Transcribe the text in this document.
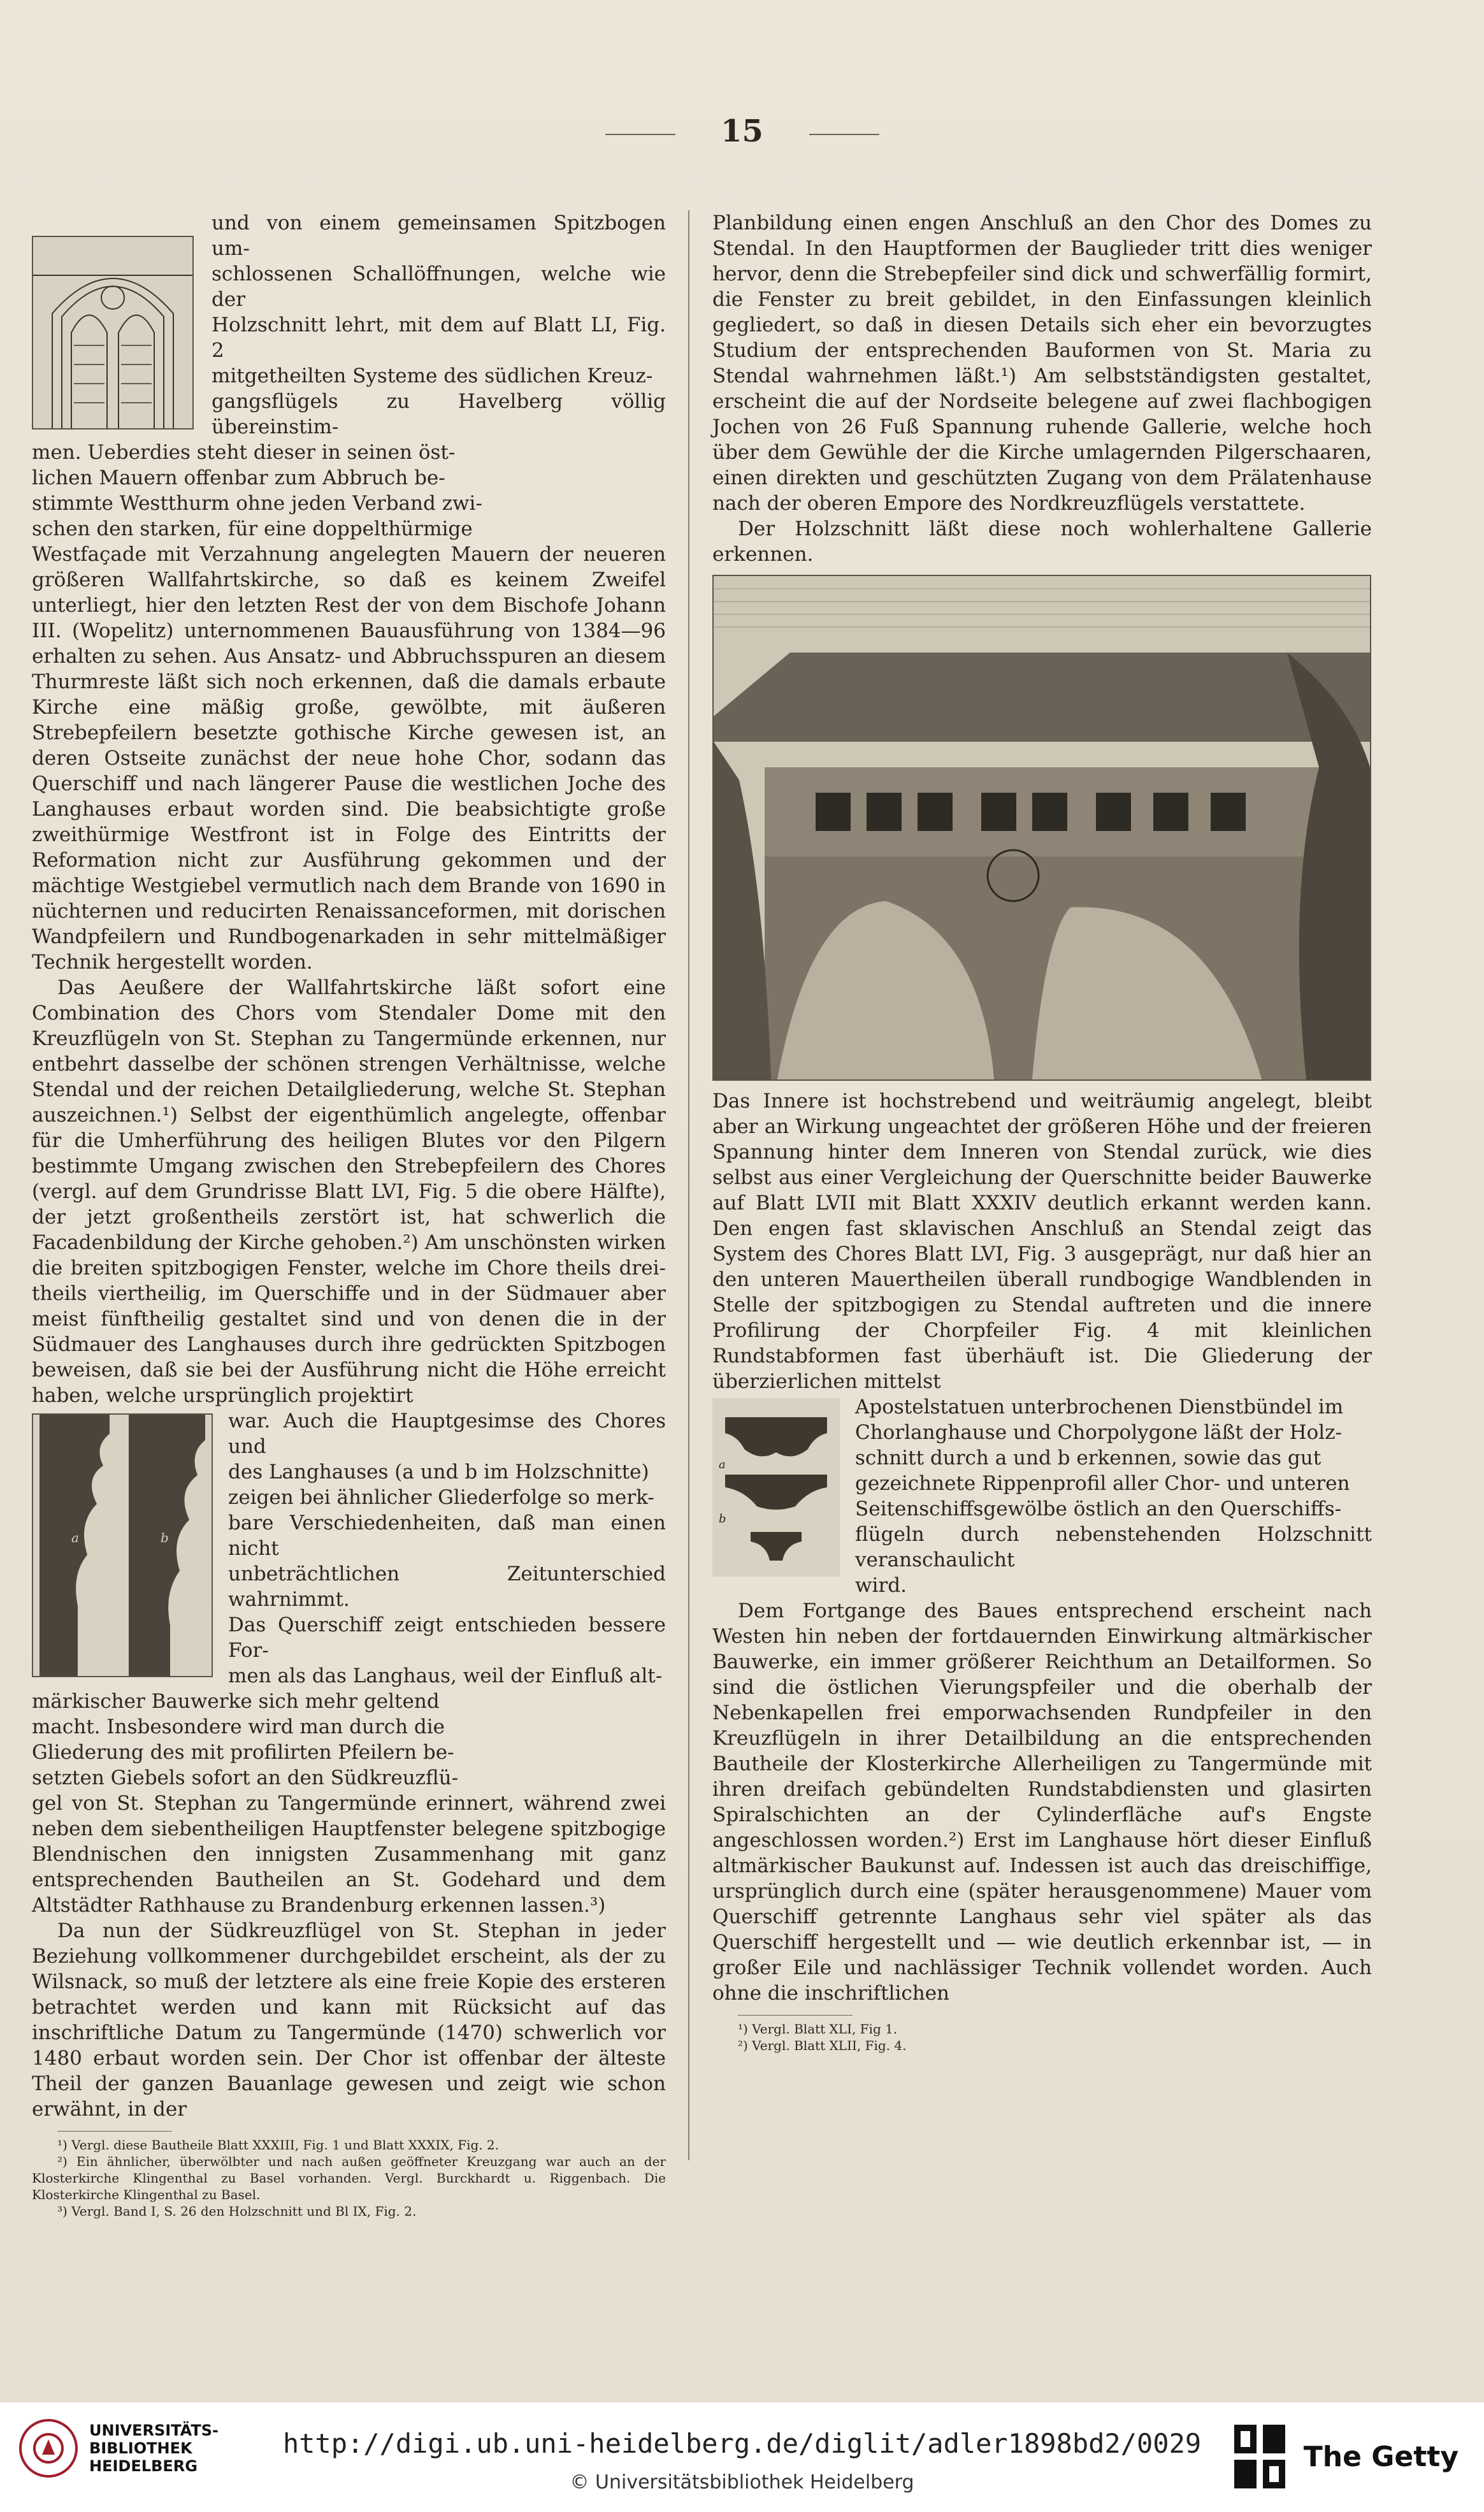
15
und von einem gemeinsamen Spitzbogen um-
schlossenen Schallöffnungen, welche wie der
Holzschnitt lehrt, mit dem auf Blatt LI, Fig. 2
mitgetheilten Systeme des südlichen Kreuz-
gangsflügels zu Havelberg völlig übereinstim-
men. Ueberdies steht dieser in seinen öst-
lichen Mauern offenbar zum Abbruch be-
stimmte Westthurm ohne jeden Verband zwi-
schen den starken, für eine doppelthürmige

Westfaçade mit Verzahnung angelegten Mauern der neueren größeren Wallfahrtskirche, so daß es keinem Zweifel unterliegt, hier den letzten Rest der von dem Bischofe Johann III. (Wopelitz) unternommenen Bauausführung von 1384—96 erhalten zu sehen. Aus Ansatz- und Abbruchsspuren an diesem Thurmreste läßt sich noch erkennen, daß die damals erbaute Kirche eine mäßig große, gewölbte, mit äußeren Strebepfeilern besetzte gothische Kirche gewesen ist, an deren Ostseite zunächst der neue hohe Chor, sodann das Querschiff und nach längerer Pause die westlichen Joche des Langhauses erbaut worden sind. Die beabsichtigte große zweithürmige Westfront ist in Folge des Eintritts der Reformation nicht zur Ausführung gekommen und der mächtige Westgiebel vermutlich nach dem Brande von 1690 in nüchternen und reducirten Renaissanceformen, mit dorischen Wandpfeilern und Rundbogenarkaden in sehr mittelmäßiger Technik hergestellt worden.

Das Aeußere der Wallfahrtskirche läßt sofort eine Combination des Chors vom Stendaler Dome mit den Kreuzflügeln von St. Stephan zu Tangermünde erkennen, nur entbehrt dasselbe der schönen strengen Verhältnisse, welche Stendal und der reichen Detailgliederung, welche St. Stephan auszeichnen.¹) Selbst der eigenthümlich angelegte, offenbar für die Umherführung des heiligen Blutes vor den Pilgern bestimmte Umgang zwischen den Strebepfeilern des Chores (vergl. auf dem Grundrisse Blatt LVI, Fig. 5 die obere Hälfte), der jetzt großentheils zerstört ist, hat schwerlich die Facadenbildung der Kirche gehoben.²) Am unschönsten wirken die breiten spitzbogigen Fenster, welche im Chore theils drei- theils viertheilig, im Querschiffe und in der Südmauer aber meist fünftheilig gestaltet sind und von denen die in der Südmauer des Langhauses durch ihre gedrückten Spitzbogen beweisen, daß sie bei der Ausführung nicht die Höhe erreicht haben, welche ursprünglich projektirt

a	b
war. Auch die Hauptgesimse des Chores und
des Langhauses (a und b im Holzschnitte)
zeigen bei ähnlicher Gliederfolge so merk-
bare Verschiedenheiten, daß man einen nicht
unbeträchtlichen Zeitunterschied wahrnimmt.
Das Querschiff zeigt entschieden bessere For-
men als das Langhaus, weil der Einfluß alt-
märkischer Bauwerke sich mehr geltend
macht. Insbesondere wird man durch die
Gliederung des mit profilirten Pfeilern be-
setzten Giebels sofort an den Südkreuzflü-

gel von St. Stephan zu Tangermünde erinnert, während zwei neben dem siebentheiligen Hauptfenster belegene spitzbogige Blendnischen den innigsten Zusammenhang mit ganz entsprechenden Bautheilen an St. Godehard und dem Altstädter Rathhause zu Brandenburg erkennen lassen.³)

Da nun der Südkreuzflügel von St. Stephan in jeder Beziehung vollkommener durchgebildet erscheint, als der zu Wilsnack, so muß der letztere als eine freie Kopie des ersteren betrachtet werden und kann mit Rücksicht auf das inschriftliche Datum zu Tangermünde (1470) schwerlich vor 1480 erbaut worden sein. Der Chor ist offenbar der älteste Theil der ganzen Bauanlage gewesen und zeigt wie schon erwähnt, in der

¹) Vergl. diese Bautheile Blatt XXXIII, Fig. 1 und Blatt XXXIX, Fig. 2.

²) Ein ähnlicher, überwölbter und nach außen geöffneter Kreuzgang war auch an der Klosterkirche Klingenthal zu Basel vorhanden. Vergl. Burckhardt u. Riggenbach. Die Klosterkirche Klingenthal zu Basel.

³) Vergl. Band I, S. 26 den Holzschnitt und Bl IX, Fig. 2.

Planbildung einen engen Anschluß an den Chor des Domes zu Stendal. In den Hauptformen der Bauglieder tritt dies weniger hervor, denn die Strebepfeiler sind dick und schwerfällig formirt, die Fenster zu breit gebildet, in den Einfassungen kleinlich gegliedert, so daß in diesen Details sich eher ein bevorzugtes Studium der entsprechenden Bauformen von St. Maria zu Stendal wahrnehmen läßt.¹) Am selbstständigsten gestaltet, erscheint die auf der Nordseite belegene auf zwei flachbogigen Jochen von 26 Fuß Spannung ruhende Gallerie, welche hoch über dem Gewühle der die Kirche umlagernden Pilgerschaaren, einen direkten und geschützten Zugang von dem Prälatenhause nach der oberen Empore des Nordkreuzflügels verstattete.

Der Holzschnitt läßt diese noch wohlerhaltene Gallerie erkennen.

Das Innere ist hochstrebend und weiträumig angelegt, bleibt aber an Wirkung ungeachtet der größeren Höhe und der freieren Spannung hinter dem Inneren von Stendal zurück, wie dies selbst aus einer Vergleichung der Querschnitte beider Bauwerke auf Blatt LVII mit Blatt XXXIV deutlich erkannt werden kann. Den engen fast sklavischen Anschluß an Stendal zeigt das System des Chores Blatt LVI, Fig. 3 ausgeprägt, nur daß hier an den unteren Mauertheilen überall rundbogige Wandblenden in Stelle der spitzbogigen zu Stendal auftreten und die innere Profilirung der Chorpfeiler Fig. 4 mit kleinlichen Rundstabformen fast überhäuft ist. Die Gliederung der überzierlichen mittelst

a
b
Apostelstatuen unterbrochenen Dienstbündel im
Chorlanghause und Chorpolygone läßt der Holz-
schnitt durch a und b erkennen, sowie das gut
gezeichnete Rippenprofil aller Chor- und unteren
Seitenschiffsgewölbe östlich an den Querschiffs-
flügeln durch nebenstehenden Holzschnitt veranschaulicht
wird.

Dem Fortgange des Baues entsprechend erscheint nach Westen hin neben der fortdauernden Einwirkung altmärkischer Bauwerke, ein immer größerer Reichthum an Detailformen. So sind die östlichen Vierungspfeiler und die oberhalb der Nebenkapellen frei emporwachsenden Rundpfeiler in den Kreuzflügeln in ihrer Detailbildung an die entsprechenden Bautheile der Klosterkirche Allerheiligen zu Tangermünde mit ihren dreifach gebündelten Rundstabdiensten und glasirten Spiralschichten an der Cylinderfläche auf's Engste angeschlossen worden.²) Erst im Langhause hört dieser Einfluß altmärkischer Baukunst auf. Indessen ist auch das dreischiffige, ursprünglich durch eine (später herausgenommene) Mauer vom Querschiff getrennte Langhaus sehr viel später als das Querschiff hergestellt und — wie deutlich erkennbar ist, — in großer Eile und nachlässiger Technik vollendet worden. Auch ohne die inschriftlichen

¹) Vergl. Blatt XLI, Fig 1.

²) Vergl. Blatt XLII, Fig. 4.

UNIVERSITÄTS-
BIBLIOTHEK
HEIDELBERG
http://digi.ub.uni-heidelberg.de/diglit/adler1898bd2/0029
© Universitätsbibliothek Heidelberg
The Getty
